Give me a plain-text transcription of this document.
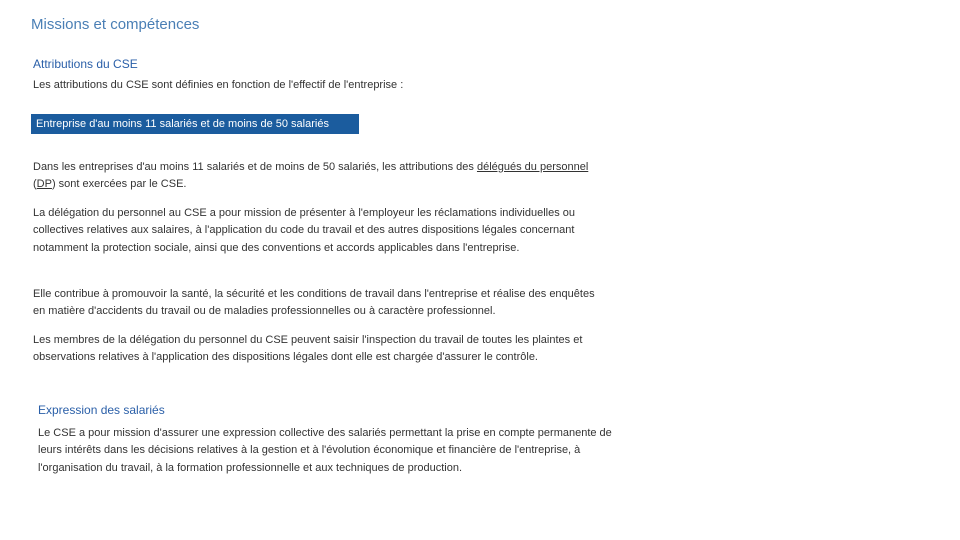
Missions et compétences
Attributions du CSE

Les attributions du CSE sont définies en fonction de l'effectif de l'entreprise :

Entreprise d'au moins 11 salariés et de moins de 50 salariés

Dans les entreprises d'au moins 11 salariés et de moins de 50 salariés, les attributions des délégués du personnel (DP) sont exercées par le CSE.

La délégation du personnel au CSE a pour mission de présenter à l'employeur les réclamations individuelles ou collectives relatives aux salaires, à l'application du code du travail et des autres dispositions légales concernant notamment la protection sociale, ainsi que des conventions et accords applicables dans l'entreprise.

Elle contribue à promouvoir la santé, la sécurité et les conditions de travail dans l'entreprise et réalise des enquêtes en matière d'accidents du travail ou de maladies professionnelles ou à caractère professionnel.

Les membres de la délégation du personnel du CSE peuvent saisir l'inspection du travail de toutes les plaintes et observations relatives à l'application des dispositions légales dont elle est chargée d'assurer le contrôle.

Expression des salariés

Le CSE a pour mission d'assurer une expression collective des salariés permettant la prise en compte permanente de leurs intérêts dans les décisions relatives à la gestion et à l'évolution économique et financière de l'entreprise, à l'organisation du travail, à la formation professionnelle et aux techniques de production.
